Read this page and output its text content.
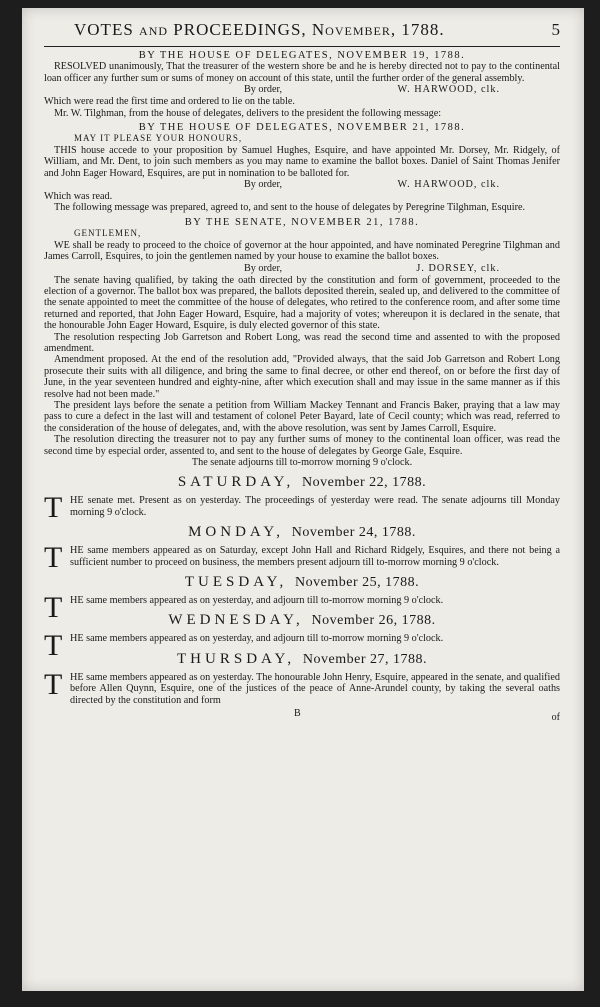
VOTES and PROCEEDINGS, November, 1788.	5

BY THE HOUSE OF DELEGATES, NOVEMBER 19, 1788.

RESOLVED unanimously, That the treasurer of the western shore be and he is hereby directed not to pay to the continental loan officer any further sum or sums of money on account of this state, until the further order of the general assembly.

By order,	W. HARWOOD, clk.

Which were read the first time and ordered to lie on the table.

Mr. W. Tilghman, from the house of delegates, delivers to the president the following message:

BY THE HOUSE OF DELEGATES, NOVEMBER 21, 1788.

MAY IT PLEASE YOUR HONOURS,

THIS house accede to your proposition by Samuel Hughes, Esquire, and have appointed Mr. Dorsey, Mr. Ridgely, of William, and Mr. Dent, to join such members as you may name to examine the ballot boxes. Daniel of Saint Thomas Jenifer and John Eager Howard, Esquires, are put in nomination to be balloted for.

By order,	W. HARWOOD, clk.

Which was read.

The following message was prepared, agreed to, and sent to the house of delegates by Peregrine Tilghman, Esquire.

BY THE SENATE, NOVEMBER 21, 1788.

GENTLEMEN,

WE shall be ready to proceed to the choice of governor at the hour appointed, and have nominated Peregrine Tilghman and James Carroll, Esquires, to join the gentlemen named by your house to examine the ballot boxes.

By order,	J. DORSEY, clk.

The senate having qualified, by taking the oath directed by the constitution and form of government, proceeded to the election of a governor. The ballot box was prepared, the ballots deposited therein, sealed up, and delivered to the committee of the senate appointed to meet the committee of the house of delegates, who retired to the conference room, and after some time returned and reported, that John Eager Howard, Esquire, had a majority of votes; whereupon it is declared in the senate, that the honourable John Eager Howard, Esquire, is duly elected governor of this state.

The resolution respecting Job Garretson and Robert Long, was read the second time and assented to with the proposed amendment.

Amendment proposed. At the end of the resolution add, "Provided always, that the said Job Garretson and Robert Long prosecute their suits with all diligence, and bring the same to final decree, or other end thereof, on or before the first day of June, in the year seventeen hundred and eighty-nine, after which execution shall and may issue in the same manner as if this resolve had not been made."

The president lays before the senate a petition from William Mackey Tennant and Francis Baker, praying that a law may pass to cure a defect in the last will and testament of colonel Peter Bayard, late of Cecil county; which was read, referred to the consideration of the house of delegates, and, with the above resolution, was sent by James Carroll, Esquire.

The resolution directing the treasurer not to pay any further sums of money to the continental loan officer, was read the second time by especial order, assented to, and sent to the house of delegates by George Gale, Esquire.

The senate adjourns till to-morrow morning 9 o'clock.

SATURDAY, November 22, 1788.
T HE senate met. Present as on yesterday. The proceedings of yesterday were read. The senate adjourns till Monday morning 9 o'clock.

MONDAY, November 24, 1788.
T HE same members appeared as on Saturday, except John Hall and Richard Ridgely, Esquires, and there not being a sufficient number to proceed on business, the members present adjourn till to-morrow morning 9 o'clock.

TUESDAY, November 25, 1788.
T HE same members appeared as on yesterday, and adjourn till to-morrow morning 9 o'clock.

WEDNESDAY, November 26, 1788.
T HE same members appeared as on yesterday, and adjourn till to-morrow morning 9 o'clock.

THURSDAY, November 27, 1788.
T HE same members appeared as on yesterday. The honourable John Henry, Esquire, appeared in the senate, and qualified before Allen Quynn, Esquire, one of the justices of the peace of Anne-Arundel county, by taking the several oaths directed by the constitution and form

B	of
